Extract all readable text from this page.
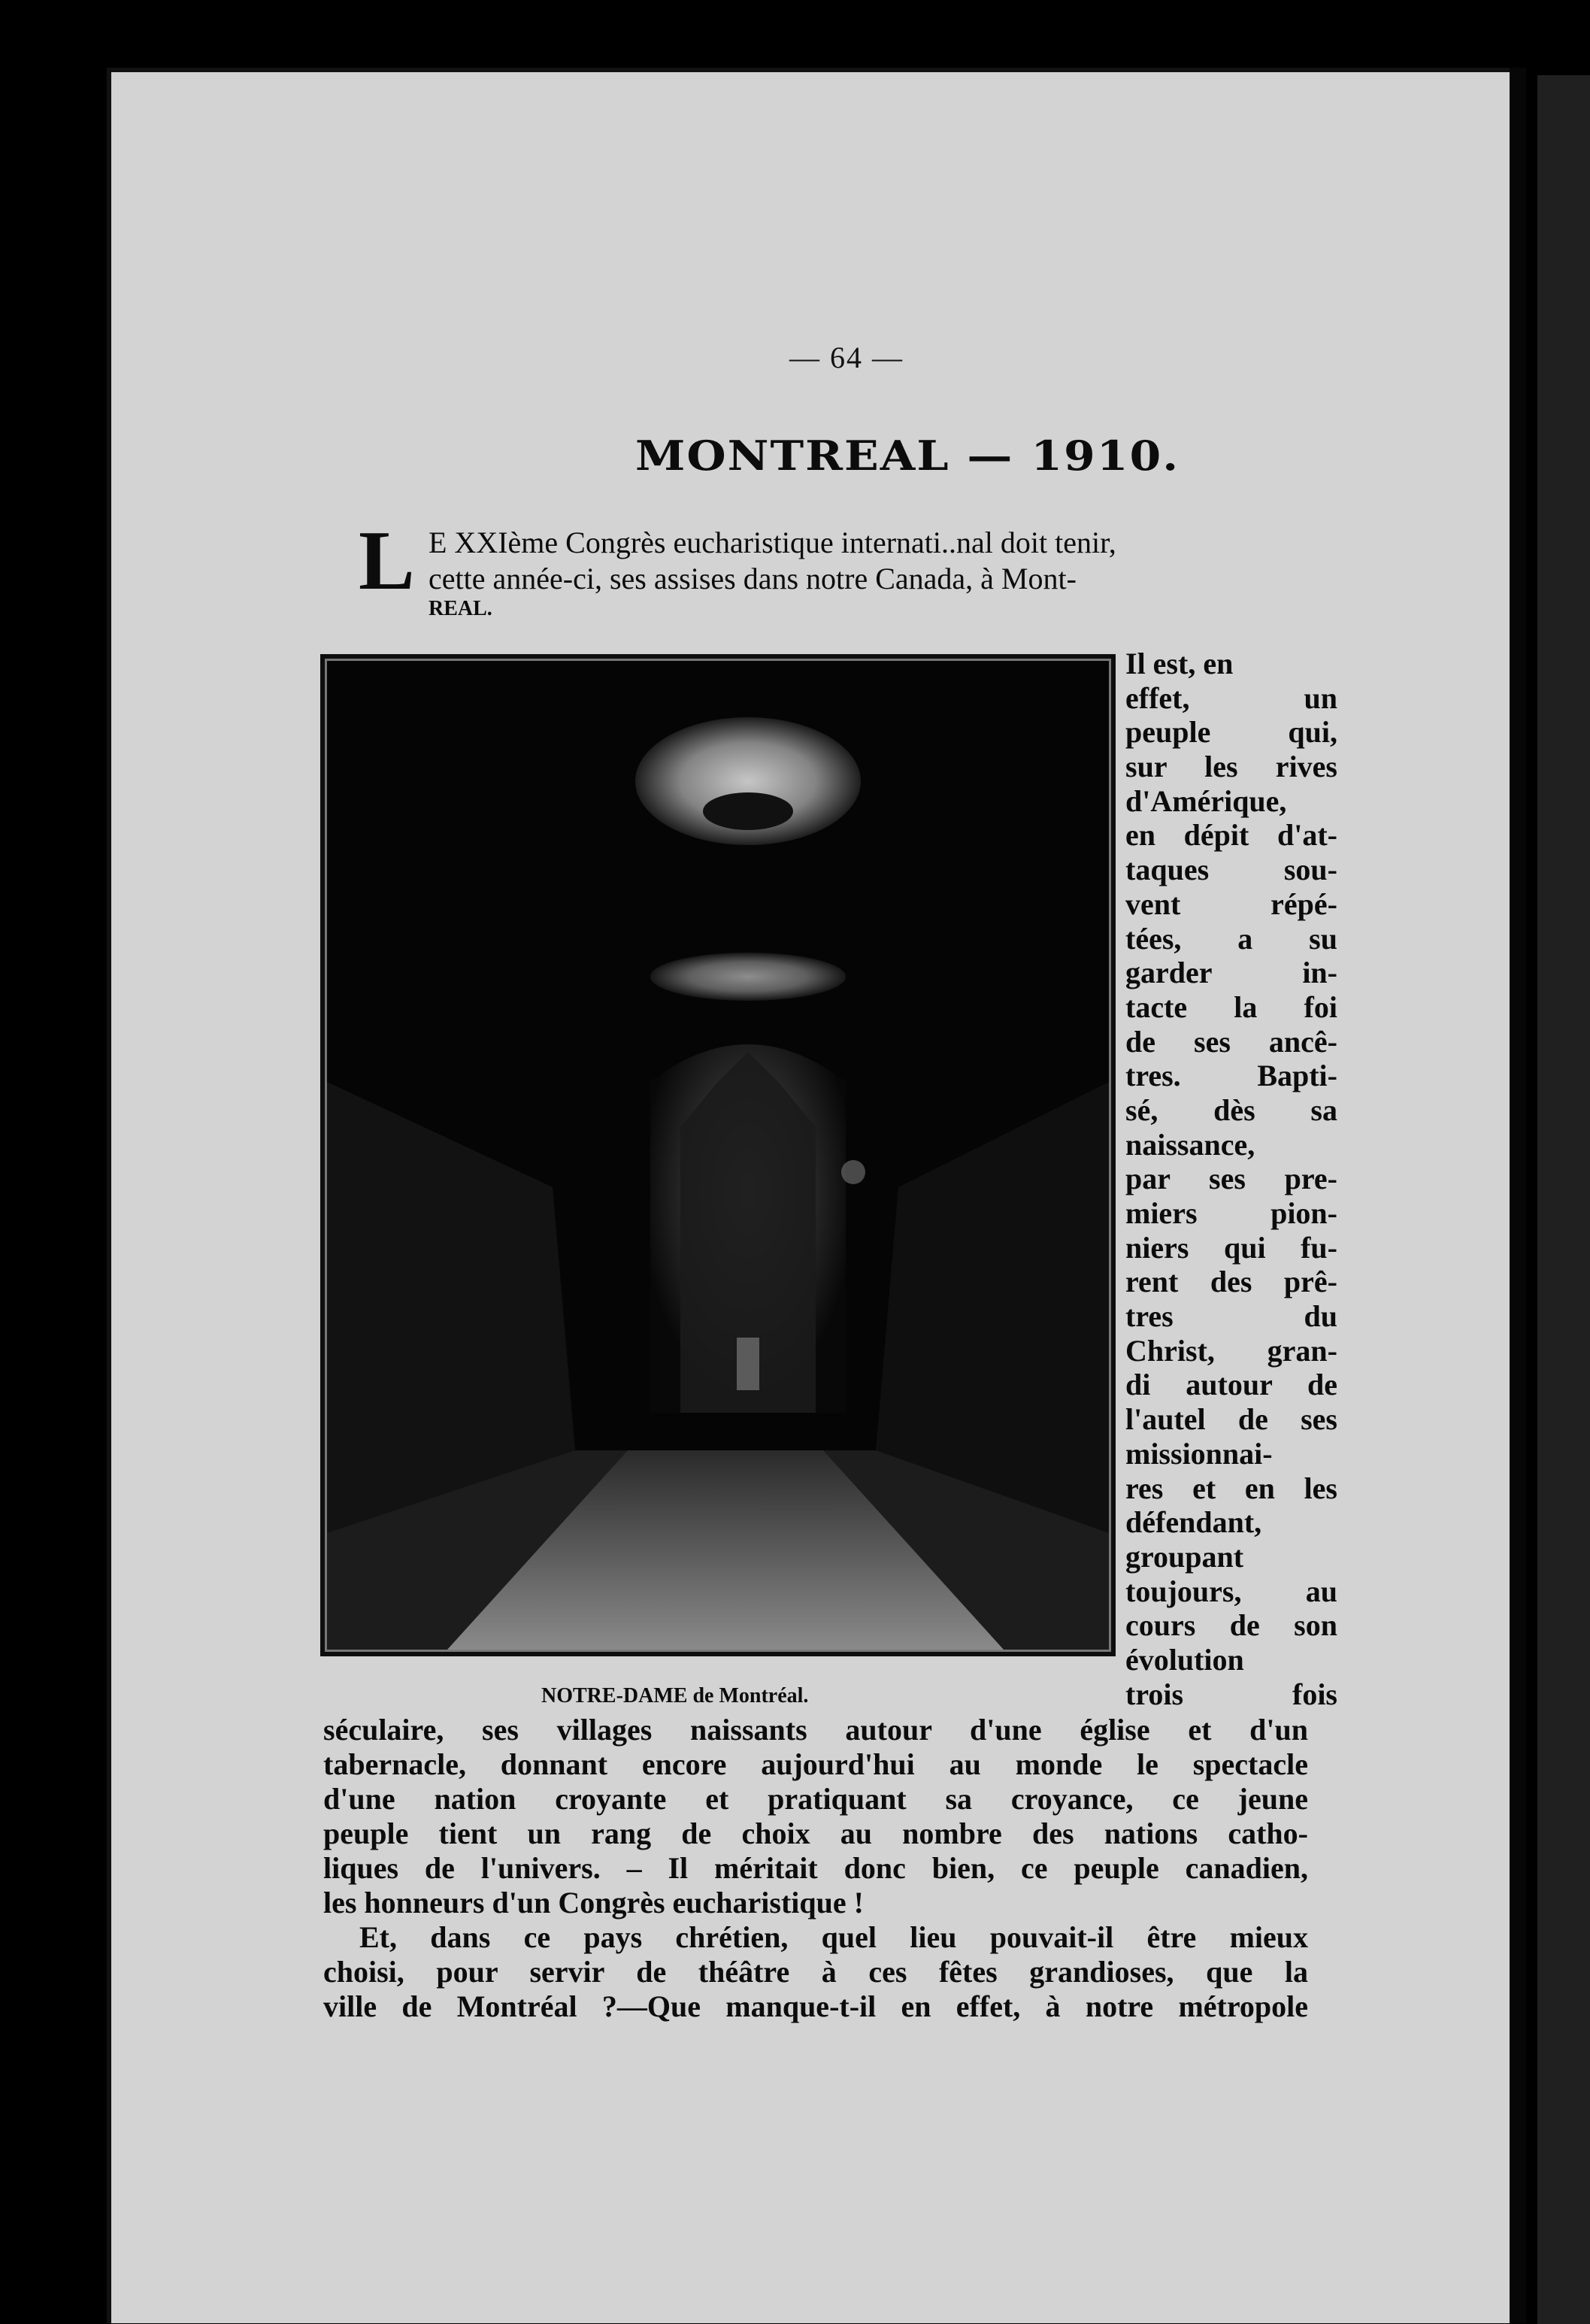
— 64 —
MONTREAL — 1910.
L E XXIème Congrès eucharistique internati..nal doit tenir,
cette année-ci, ses assises dans notre Canada, à Mont-
REAL.
NOTRE-DAME de Montréal.
Il est, en
effet, un
peuple qui,
sur les rives
d'Amérique,
en dépit d'at-
taques sou-
vent répé-
tées, a su
garder in-
tacte la foi
de ses ancê-
tres. Bapti-
sé, dès sa
naissance,
par ses pre-
miers pion-
niers qui fu-
rent des prê-
tres du
Christ, gran-
di autour de
l'autel de ses
missionnai-
res et en les
défendant,
groupant
toujours, au
cours de son
évolution
trois fois
séculaire, ses villages naissants autour d'une église et d'un
tabernacle, donnant encore aujourd'hui au monde le spectacle
d'une nation croyante et pratiquant sa croyance, ce jeune
peuple tient un rang de choix au nombre des nations catho-
liques de l'univers. – Il méritait donc bien, ce peuple canadien,
les honneurs d'un Congrès eucharistique !
Et, dans ce pays chrétien, quel lieu pouvait-il être mieux
choisi, pour servir de théâtre à ces fêtes grandioses, que la
ville de Montréal ?—Que manque-t-il en effet, à notre métropole
